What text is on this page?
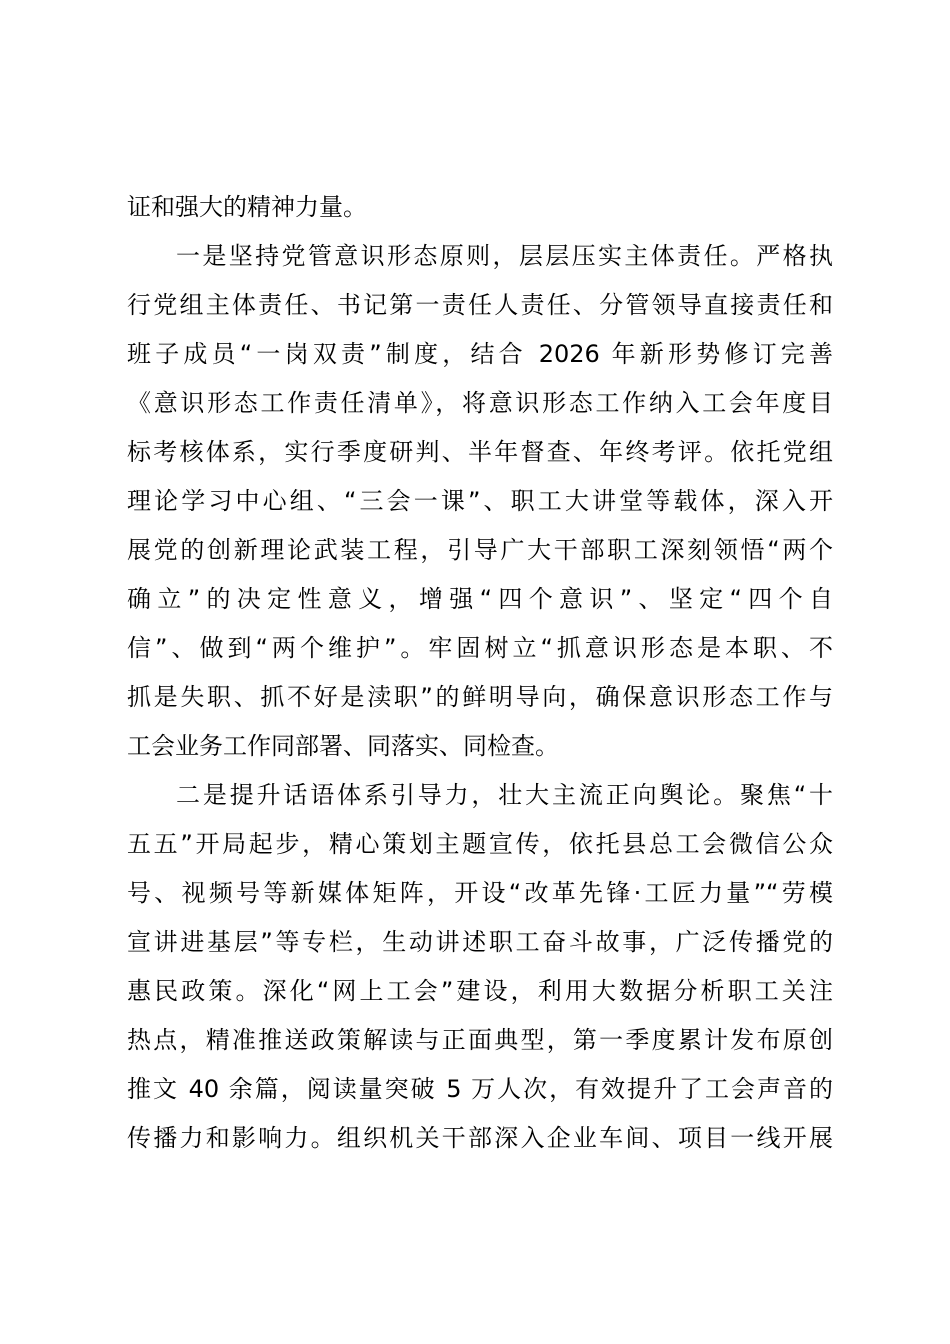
证和强大的精神力量。
一是坚持党管意识形态原则，层层压实主体责任。严格执
行党组主体责任、书记第一责任人责任、分管领导直接责任和
班子成员“一岗双责”制度，结合 2026 年新形势修订完善
《意识形态工作责任清单》，将意识形态工作纳入工会年度目
标考核体系，实行季度研判、半年督查、年终考评。依托党组
理论学习中心组、“三会一课”、职工大讲堂等载体，深入开
展党的创新理论武装工程，引导广大干部职工深刻领悟“两个
确立”的决定性意义，增强“四个意识”、坚定“四个自
信”、做到“两个维护”。牢固树立“抓意识形态是本职、不
抓是失职、抓不好是渎职”的鲜明导向，确保意识形态工作与
工会业务工作同部署、同落实、同检查。
二是提升话语体系引导力，壮大主流正向舆论。聚焦“十
五五”开局起步，精心策划主题宣传，依托县总工会微信公众
号、视频号等新媒体矩阵，开设“改革先锋·工匠力量”“劳模
宣讲进基层”等专栏，生动讲述职工奋斗故事，广泛传播党的
惠民政策。深化“网上工会”建设，利用大数据分析职工关注
热点，精准推送政策解读与正面典型，第一季度累计发布原创
推文 40 余篇，阅读量突破 5 万人次，有效提升了工会声音的
传播力和影响力。组织机关干部深入企业车间、项目一线开展
